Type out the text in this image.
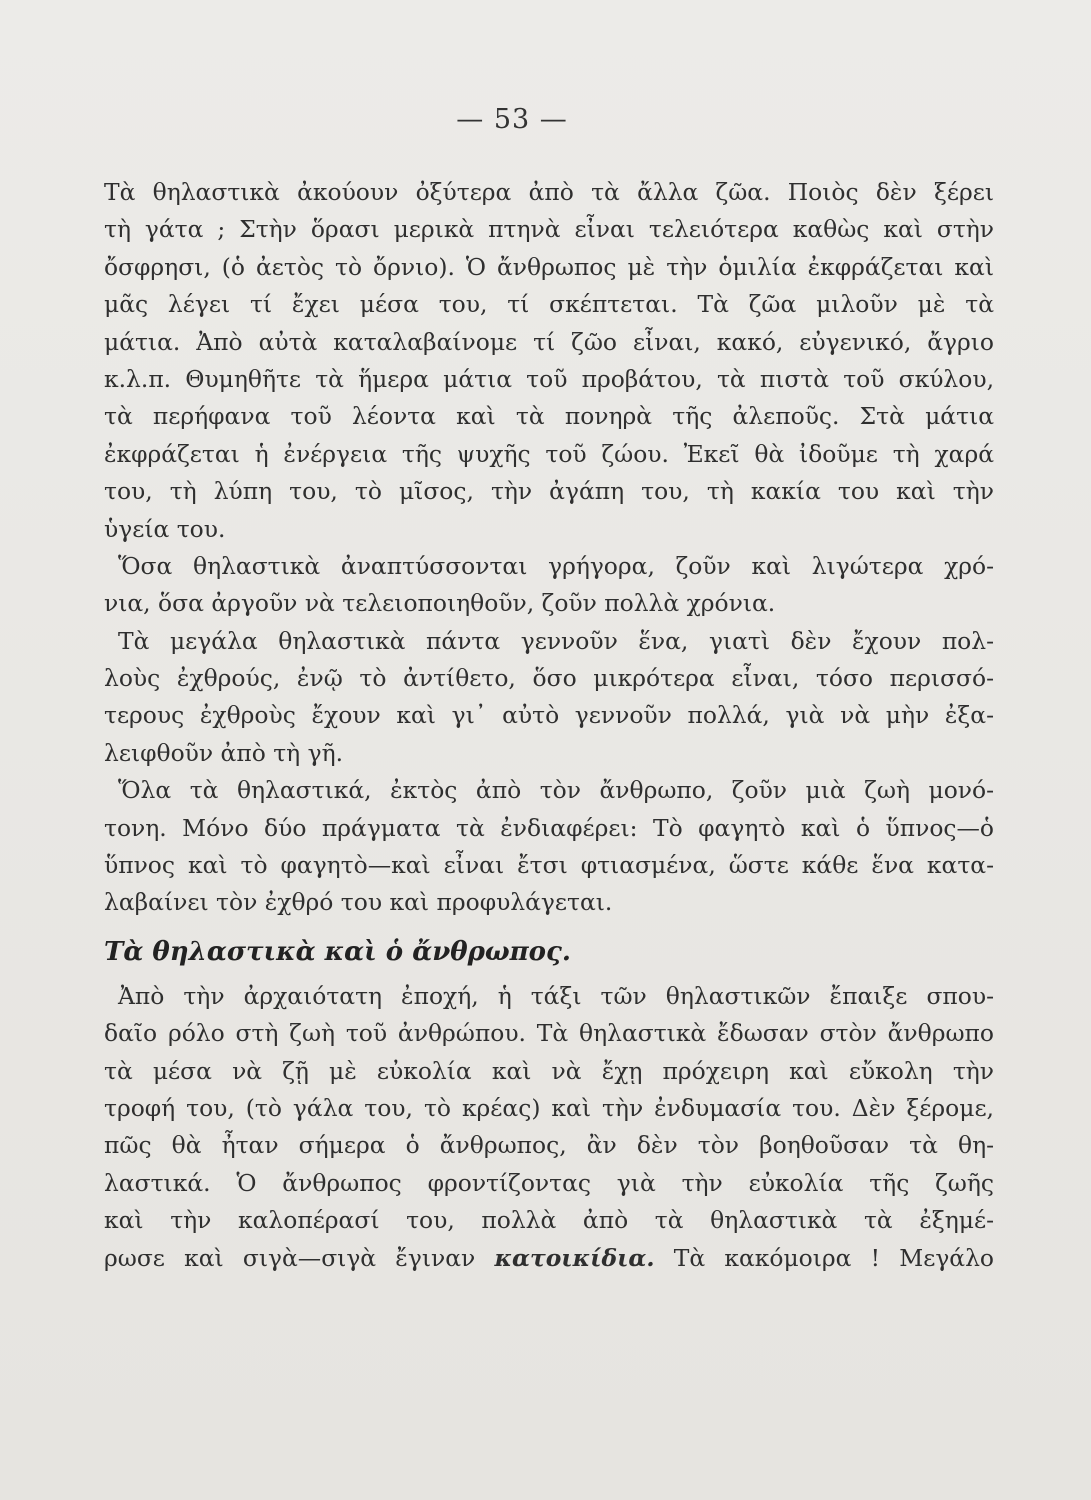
— 53 —
Τὰ θηλαστικὰ ἀκούουν ὀξύτερα ἀπὸ τὰ ἄλλα ζῶα. Ποιὸς δὲν ξέρει
τὴ γάτα ; Στὴν ὅρασι μερικὰ πτηνὰ εἶναι τελειότερα καθὼς καὶ στὴν
ὄσφρησι, (ὁ ἀετὸς τὸ ὄρνιο). Ὁ ἄνθρωπος μὲ τὴν ὁμιλία ἐκφράζεται καὶ
μᾶς λέγει τί ἔχει μέσα του, τί σκέπτεται. Τὰ ζῶα μιλοῦν μὲ τὰ
μάτια. Ἀπὸ αὐτὰ καταλαβαίνομε τί ζῶο εἶναι, κακό, εὐγενικό, ἄγριο
κ.λ.π. Θυμηθῆτε τὰ ἥμερα μάτια τοῦ προβάτου, τὰ πιστὰ τοῦ σκύλου,
τὰ περήφανα τοῦ λέοντα καὶ τὰ πονηρὰ τῆς ἀλεποῦς. Στὰ μάτια
ἐκφράζεται ἡ ἐνέργεια τῆς ψυχῆς τοῦ ζώου. Ἐκεῖ θὰ ἰδοῦμε τὴ χαρά
του, τὴ λύπη του, τὸ μῖσος, τὴν ἀγάπη του, τὴ κακία του καὶ τὴν
ὑγεία του.
Ὅσα θηλαστικὰ ἀναπτύσσονται γρήγορα, ζοῦν καὶ λιγώτερα χρό-
νια, ὅσα ἀργοῦν νὰ τελειοποιηθοῦν, ζοῦν πολλὰ χρόνια.
Τὰ μεγάλα θηλαστικὰ πάντα γεννοῦν ἕνα, γιατὶ δὲν ἔχουν πολ-
λοὺς ἐχθρούς, ἐνῷ τὸ ἀντίθετο, ὅσο μικρότερα εἶναι, τόσο περισσό-
τερους ἐχθροὺς ἔχουν καὶ γι᾽ αὐτὸ γεννοῦν πολλά, γιὰ νὰ μὴν ἐξα-
λειφθοῦν ἀπὸ τὴ γῆ.
Ὅλα τὰ θηλαστικά, ἐκτὸς ἀπὸ τὸν ἄνθρωπο, ζοῦν μιὰ ζωὴ μονό-
τονη. Μόνο δύο πράγματα τὰ ἐνδιαφέρει: Τὸ φαγητὸ καὶ ὁ ὕπνος—ὁ
ὕπνος καὶ τὸ φαγητὸ—καὶ εἶναι ἔτσι φτιασμένα, ὥστε κάθε ἕνα κατα-
λαβαίνει τὸν ἐχθρό του καὶ προφυλάγεται.
Τὰ θηλαστικὰ καὶ ὁ ἄνθρωπος.
Ἀπὸ τὴν ἀρχαιότατη ἐποχή, ἡ τάξι τῶν θηλαστικῶν ἔπαιξε σπου-
δαῖο ρόλο στὴ ζωὴ τοῦ ἀνθρώπου. Τὰ θηλαστικὰ ἔδωσαν στὸν ἄνθρωπο
τὰ μέσα νὰ ζῇ μὲ εὐκολία καὶ νὰ ἔχῃ πρόχειρη καὶ εὔκολη τὴν
τροφή του, (τὸ γάλα του, τὸ κρέας) καὶ τὴν ἐνδυμασία του. Δὲν ξέρομε,
πῶς θὰ ἦταν σήμερα ὁ ἄνθρωπος, ἂν δὲν τὸν βοηθοῦσαν τὰ θη-
λαστικά. Ὁ ἄνθρωπος φροντίζοντας γιὰ τὴν εὐκολία τῆς ζωῆς
καὶ τὴν καλοπέρασί του, πολλὰ ἀπὸ τὰ θηλαστικὰ τὰ ἐξημέ-
ρωσε καὶ σιγὰ—σιγὰ ἔγιναν κατοικίδια. Τὰ κακόμοιρα ! Μεγάλο
